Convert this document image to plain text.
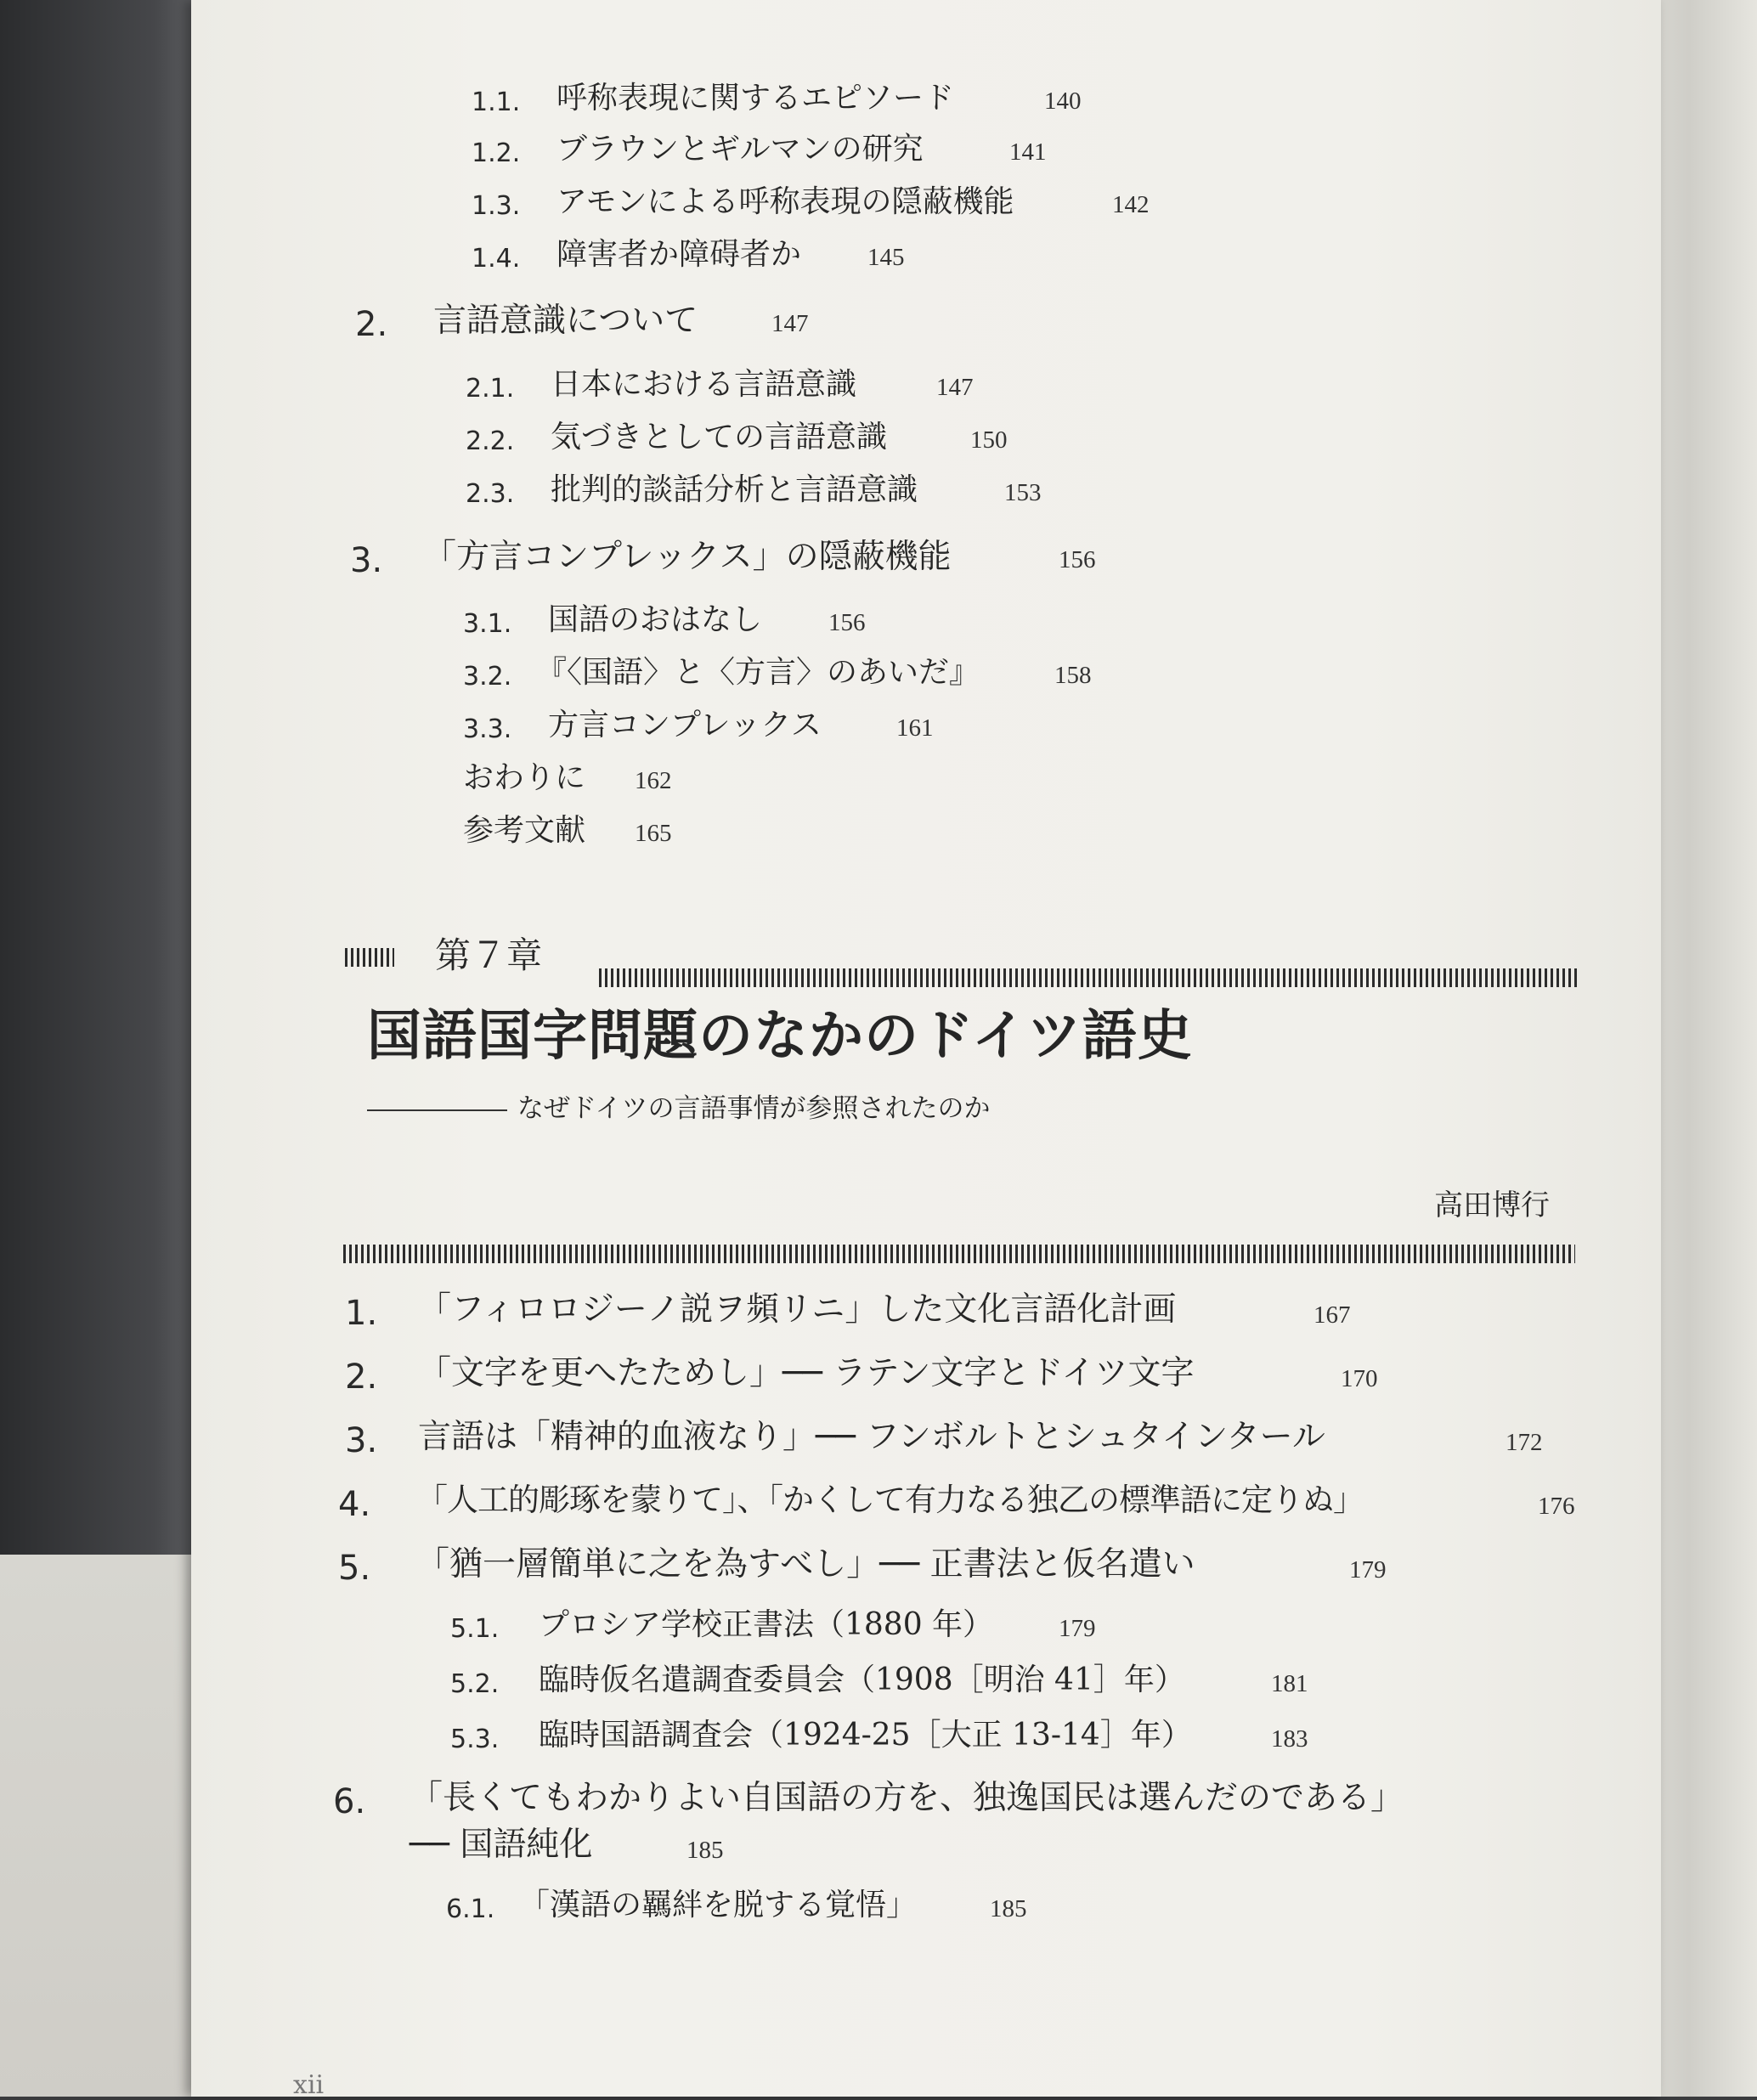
1.1. 呼称表現に関するエピソード	140
1.2. ブラウンとギルマンの研究	141
1.3. アモンによる呼称表現の隠蔽機能	142
1.4. 障害者か障碍者か	145
2. 言語意識について	147
2.1. 日本における言語意識	147
2.2. 気づきとしての言語意識	150
2.3. 批判的談話分析と言語意識	153
3. 「方言コンプレックス」の隠蔽機能	156
3.1. 国語のおはなし	156
3.2. 『〈国語〉と〈方言〉のあいだ』	158
3.3. 方言コンプレックス	161
おわりに 162
参考文献 165
第７章
国語国字問題のなかのドイツ語史
なぜドイツの言語事情が参照されたのか
高田博行
1. 「フィロロジーノ説ヲ頻リニ」した文化言語化計画	167
2. 「文字を更へたためし」── ラテン文字とドイツ文字	170
3. 言語は「精神的血液なり」── フンボルトとシュタインタール	172
4. 「人工的彫琢を蒙りて」、「かくして有力なる独乙の標準語に定りぬ」	176
5. 「猶一層簡単に之を為すべし」── 正書法と仮名遣い	179
5.1. プロシア学校正書法（1880 年）	179
5.2. 臨時仮名遣調査委員会（1908［明治 41］年）	181
5.3. 臨時国語調査会（1924-25［大正 13-14］年）	183
6. 「長くてもわかりよい自国語の方を、独逸国民は選んだのである」
── 国語純化	185
6.1. 「漢語の羈絆を脱する覚悟」	185
xii
